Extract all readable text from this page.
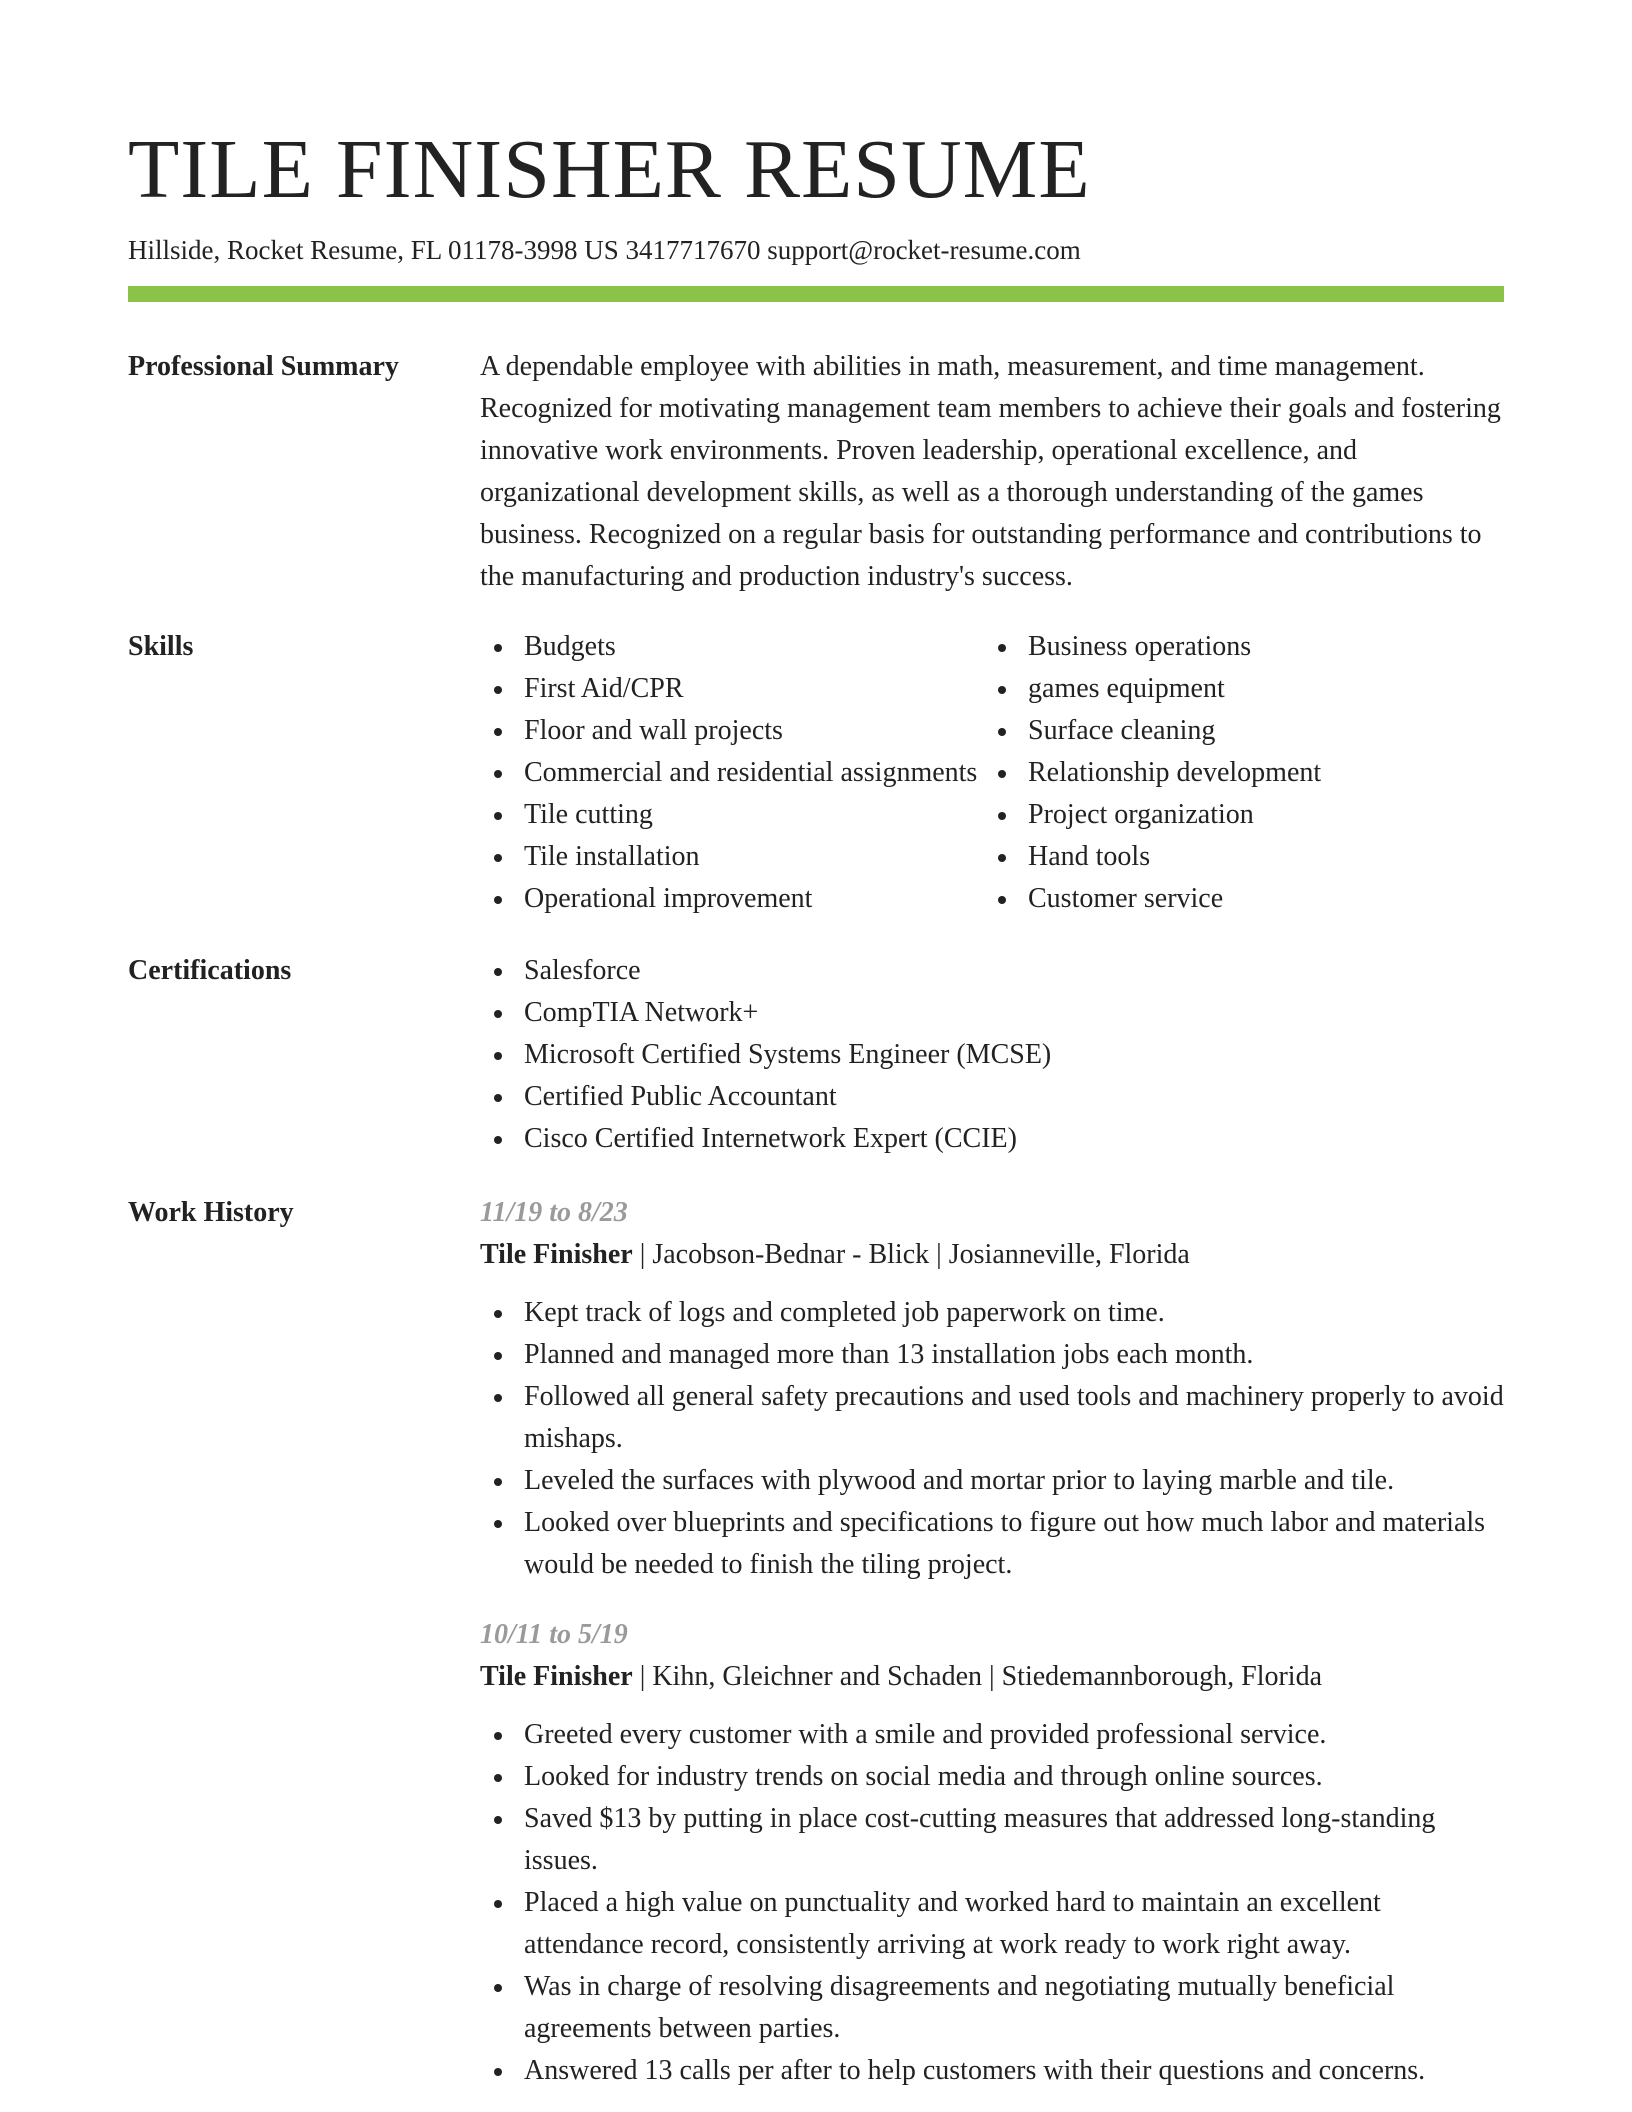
TILE FINISHER RESUME
Hillside, Rocket Resume, FL 01178-3998 US 3417717670 support@rocket-resume.com
Professional Summary	A dependable employee with abilities in math, measurement, and time management. Recognized for motivating management team members to achieve their goals and fostering innovative work environments. Proven leadership, operational excellence, and organizational development skills, as well as a thorough understanding of the games business. Recognized on a regular basis for outstanding performance and contributions to the manufacturing and production industry's success.

Skills	Budgets
First Aid/CPR
Floor and wall projects
Commercial and residential assignments
Tile cutting
Tile installation
Operational improvement
Business operations
games equipment
Surface cleaning
Relationship development
Project organization
Hand tools
Customer service
Certifications	Salesforce
CompTIA Network+
Microsoft Certified Systems Engineer (MCSE)
Certified Public Accountant
Cisco Certified Internetwork Expert (CCIE)
Work History	11/19 to 8/23
Tile Finisher | Jacobson-Bednar - Blick | Josianneville, Florida
Kept track of logs and completed job paperwork on time.
Planned and managed more than 13 installation jobs each month.
Followed all general safety precautions and used tools and machinery properly to avoid mishaps.
Leveled the surfaces with plywood and mortar prior to laying marble and tile.
Looked over blueprints and specifications to figure out how much labor and materials would be needed to finish the tiling project.
10/11 to 5/19
Tile Finisher | Kihn, Gleichner and Schaden | Stiedemannborough, Florida
Greeted every customer with a smile and provided professional service.
Looked for industry trends on social media and through online sources.
Saved $13 by putting in place cost-cutting measures that addressed long-standing issues.
Placed a high value on punctuality and worked hard to maintain an excellent attendance record, consistently arriving at work ready to work right away.
Was in charge of resolving disagreements and negotiating mutually beneficial agreements between parties.
Answered 13 calls per after to help customers with their questions and concerns.
